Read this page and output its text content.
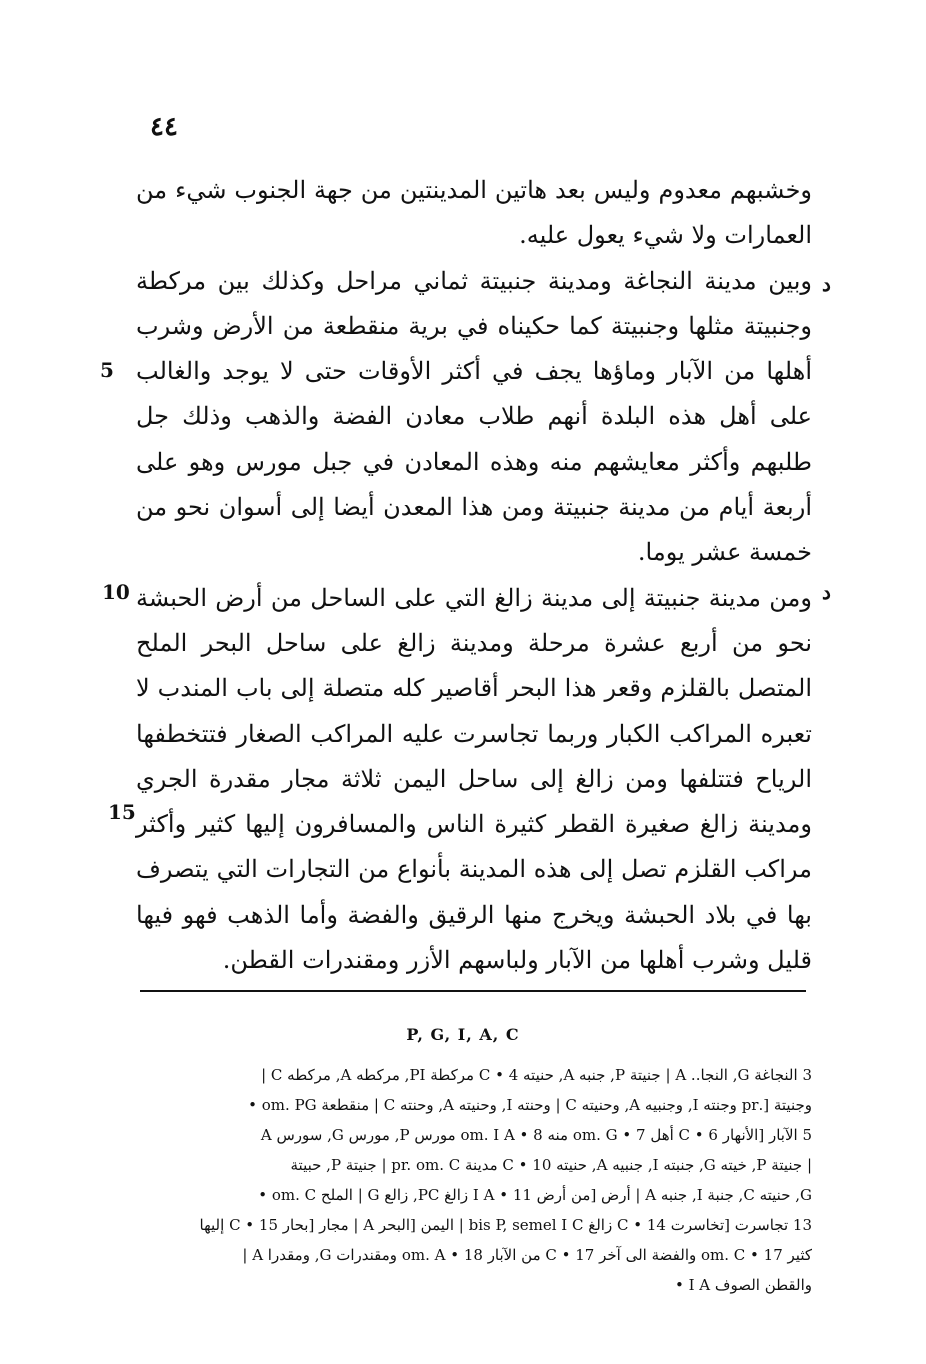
٤٤

وخشبهم معدوم وليس بعد هاتين المدينتين من جهة الجنوب شيء من العمارات ولا شيء يعول عليه.

وبين مدينة النجاغة ومدينة جنبيتة ثماني مراحل وكذلك بين مركطة وجنبيتة مثلها وجنبيتة كما حكيناه في برية منقطعة من الأرض وشرب أهلها من الآبار وماؤها يجف في أكثر الأوقات حتى لا يوجد والغالب على أهل هذه البلدة أنهم طلاب معادن الفضة والذهب وذلك جل طلبهم وأكثر معايشهم منه وهذه المعادن في جبل مورس وهو على أربعة أيام من مدينة جنبيتة ومن هذا المعدن أيضا إلى أسوان نحو من خمسة عشر يوما.

ومن مدينة جنبيتة إلى مدينة زالغ التي على الساحل من أرض الحبشة نحو من أربع عشرة مرحلة ومدينة زالغ على ساحل البحر الملح المتصل بالقلزم وقعر هذا البحر أقاصير كله متصلة إلى باب المندب لا تعبره المراكب الكبار وربما تجاسرت عليه المراكب الصغار فتتخطفها الرياح فتتلفها ومن زالغ إلى ساحل اليمن ثلاثة مجار مقدرة الجري ومدينة زالغ صغيرة القطر كثيرة الناس والمسافرون إليها كثير وأكثر مراكب القلزم تصل إلى هذه المدينة بأنواع من التجارات التي يتصرف بها في بلاد الحبشة ويخرج منها الرقيق والفضة وأما الذهب فهو فيها قليل وشرب أهلها من الآبار ولباسهم الأزر ومقندرات القطن.

5
10
15
د
د
P, G, I, A, C
3 النجاغة G, النجا.. A | جنيتة P, جنبه A, حنيته C • 4 مركطة PI, مركطه A, مركطه C |
وجنيتة [.pr وجنته I, وجنبيه A, وحنيته C | وحنته I, وحنيته A, وحنته C | منقطعة om. PG •
5 الآبار [الأنهار C • 6 أهل om. G • 7 منه om. I A • 8 مورس P, مورس G, سورس A
| جنيتة P, خيته G, جنبته I, جنبيه A, حنيته C • 10 مدينة pr. om. C | جنيتة P, حبيتة
G, حنيته C, جنبة I, جنبه A | أرض [من أرض I A • 11 زالغ PC, زالع G | الملح om. C •
13 تجاسرت [تخاسرت C • 14 زالغ bis P, semel I C | اليمن [البحر A | مجار [بحار C • 15 إليها
كثير om. C • 17 والفضة الى آخر C • 17 من الآبار om. A • 18 ومقندرات G, ومقدرا A |
والقطن الصوف I A •
